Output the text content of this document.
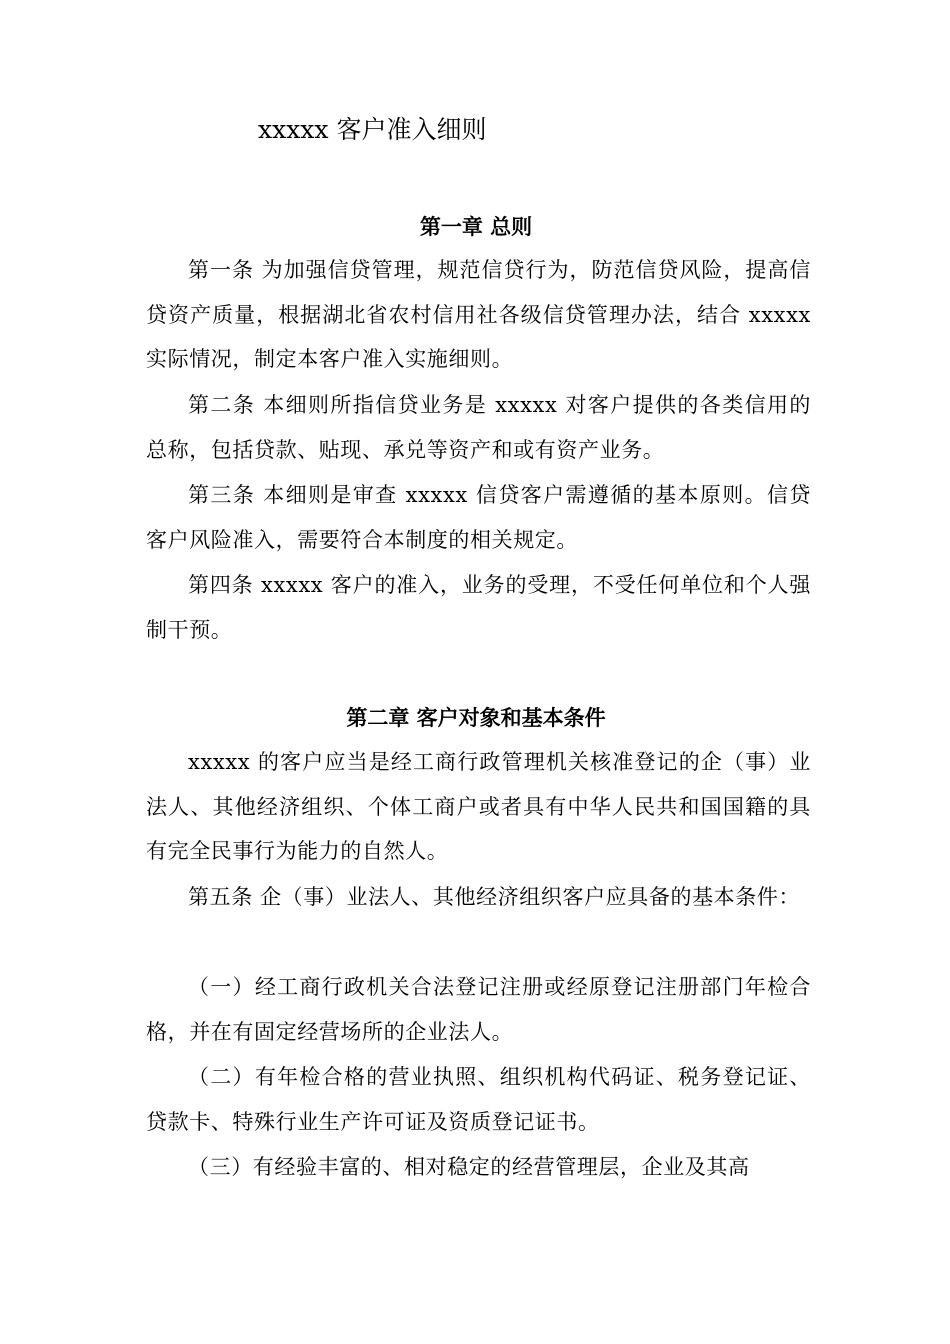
xxxxx 客户准入细则
第一章 总则

第一条 为加强信贷管理，规范信贷行为，防范信贷风险，提高信贷资产质量，根据湖北省农村信用社各级信贷管理办法，结合 xxxxx 实际情况，制定本客户准入实施细则。

第二条 本细则所指信贷业务是 xxxxx 对客户提供的各类信用的总称，包括贷款、贴现、承兑等资产和或有资产业务。

第三条 本细则是审查 xxxxx 信贷客户需遵循的基本原则。信贷客户风险准入，需要符合本制度的相关规定。

第四条 xxxxx 客户的准入，业务的受理，不受任何单位和个人强制干预。

第二章 客户对象和基本条件

xxxxx 的客户应当是经工商行政管理机关核准登记的企（事）业法人、其他经济组织、个体工商户或者具有中华人民共和国国籍的具有完全民事行为能力的自然人。

第五条 企（事）业法人、其他经济组织客户应具备的基本条件：

（一）经工商行政机关合法登记注册或经原登记注册部门年检合格，并在有固定经营场所的企业法人。

（二）有年检合格的营业执照、组织机构代码证、税务登记证、贷款卡、特殊行业生产许可证及资质登记证书。

（三）有经验丰富的、相对稳定的经营管理层，企业及其高
